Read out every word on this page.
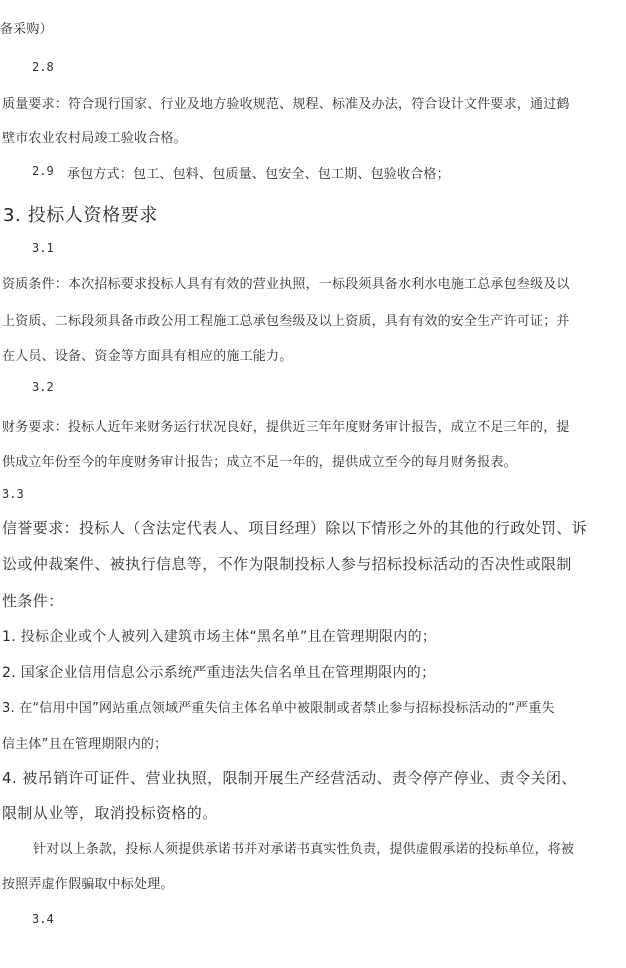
备采购）

2.8

质量要求：符合现行国家、行业及地方验收规范、规程、标准及办法，符合设计文件要求，通过鹤

壁市农业农村局竣工验收合格。

2.9 承包方式：包工、包料、包质量、包安全、包工期、包验收合格；

3. 投标人资格要求

3.1

资质条件：本次招标要求投标人具有有效的营业执照，一标段须具备水利水电施工总承包叁级及以

上资质、二标段须具备市政公用工程施工总承包叁级及以上资质，具有有效的安全生产许可证；并

在人员、设备、资金等方面具有相应的施工能力。

3.2

财务要求：投标人近年来财务运行状况良好，提供近三年年度财务审计报告，成立不足三年的，提

供成立年份至今的年度财务审计报告；成立不足一年的，提供成立至今的每月财务报表。

3.3

信誉要求：投标人（含法定代表人、项目经理）除以下情形之外的其他的行政处罚、诉

讼或仲裁案件、被执行信息等，不作为限制投标人参与招标投标活动的否决性或限制

性条件：

1. 投标企业或个人被列入建筑市场主体“黑名单”且在管理期限内的；

2. 国家企业信用信息公示系统严重违法失信名单且在管理期限内的；

3. 在“信用中国”网站重点领域严重失信主体名单中被限制或者禁止参与招标投标活动的“严重失

信主体”且在管理期限内的；

4. 被吊销许可证件、营业执照，限制开展生产经营活动、责令停产停业、责令关闭、

限制从业等，取消投标资格的。

针对以上条款，投标人须提供承诺书并对承诺书真实性负责，提供虚假承诺的投标单位，将被

按照弄虚作假骗取中标处理。

3.4
